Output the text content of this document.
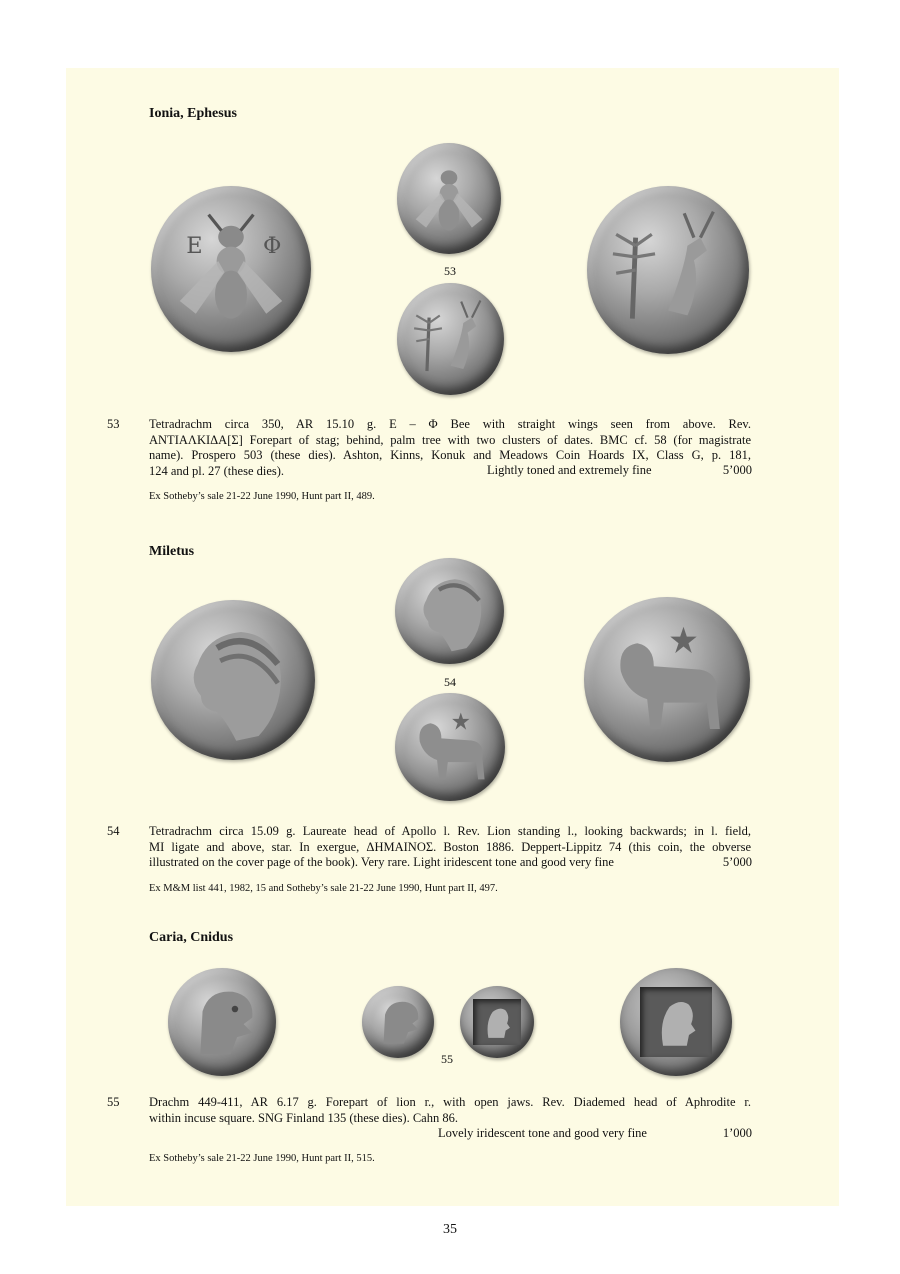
Ionia, Ephesus
Ε	Φ
53
53 Tetradrachm circa 350, AR 15.10 g. Ε – Φ Bee with straight wings seen from above. Rev.
ΑΝΤΙΑΛΚΙΔΑ[Σ] Forepart of stag; behind, palm tree with two clusters of dates. BMC cf. 58 (for magistrate
name). Prospero 503 (these dies). Ashton, Kinns, Konuk and Meadows Coin Hoards IX, Class G, p. 181,
124 and pl. 27 (these dies).	Lightly toned and extremely fine	5’000
Ex Sotheby’s sale 21-22 June 1990, Hunt part II, 489.
Miletus
54
54 Tetradrachm circa 15.09 g. Laureate head of Apollo l. Rev. Lion standing l., looking backwards; in l. field,
MI ligate and above, star. In exergue, ΔΗΜΑΙΝΟΣ. Boston 1886. Deppert-Lippitz 74 (this coin, the obverse
illustrated on the cover page of the book). Very rare. Light iridescent tone and good very fine	5’000
Ex M&M list 441, 1982, 15 and Sotheby’s sale 21-22 June 1990, Hunt part II, 497.
Caria, Cnidus
55
55 Drachm 449-411, AR 6.17 g. Forepart of lion r., with open jaws. Rev. Diademed head of Aphrodite r.
within incuse square. SNG Finland 135 (these dies). Cahn 86.
Lovely iridescent tone and good very fine	1’000
Ex Sotheby’s sale 21-22 June 1990, Hunt part II, 515.
35
